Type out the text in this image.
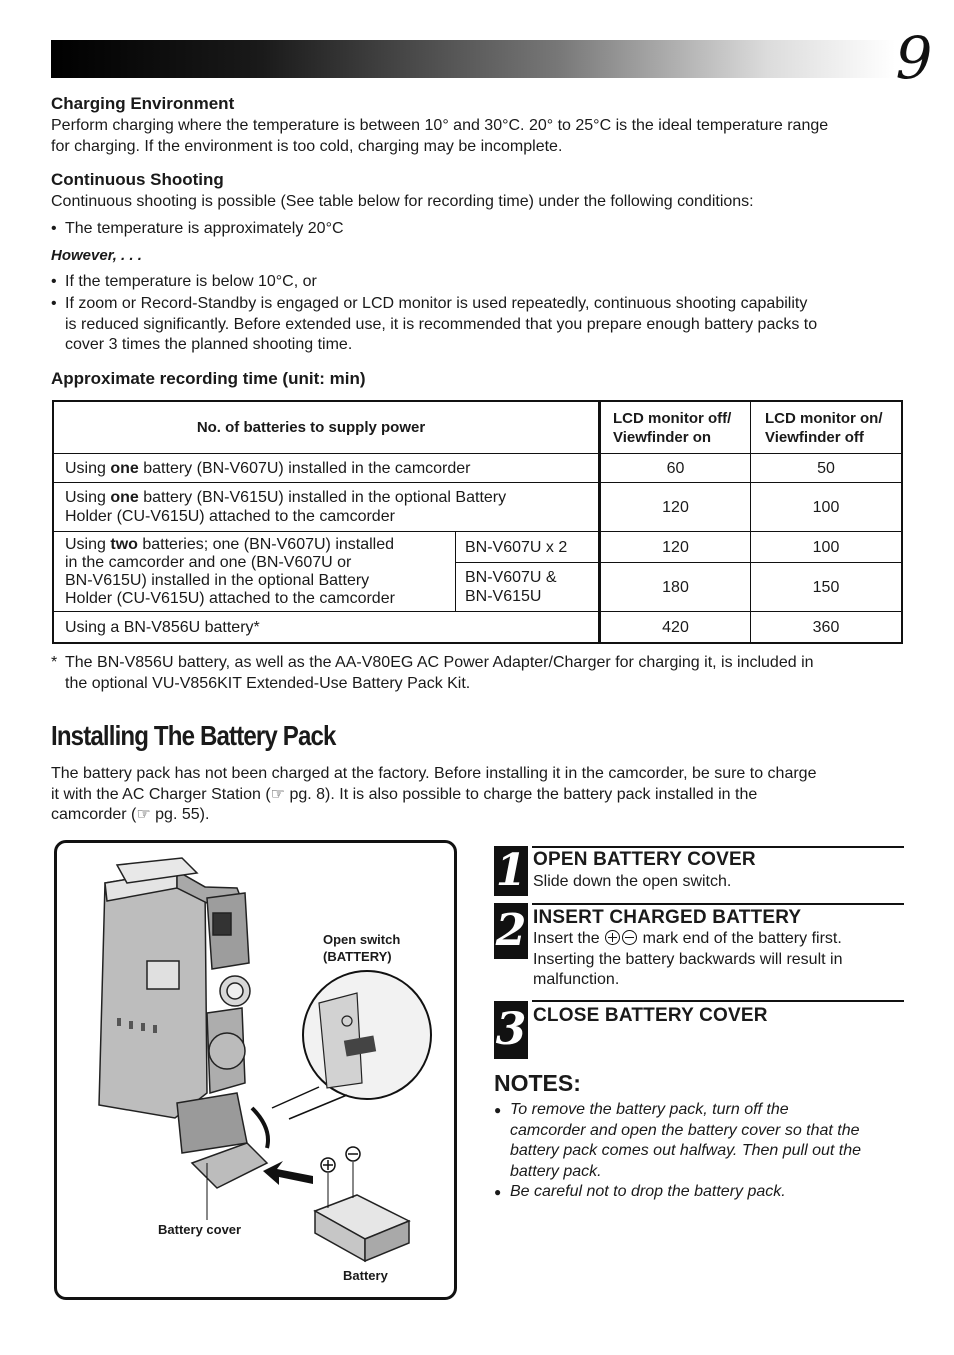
9
Charging Environment
Perform charging where the temperature is between 10° and 30°C. 20° to 25°C is the ideal temperature range
for charging. If the environment is too cold, charging may be incomplete.
Continuous Shooting
Continuous shooting is possible (See table below for recording time) under the following conditions:
• The temperature is approximately 20°C
However, . . .
• If the temperature is below 10°C, or
• If zoom or Record-Standby is engaged or LCD monitor is used repeatedly, continuous shooting capability
is reduced significantly. Before extended use, it is recommended that you prepare enough battery packs to
cover 3 times the planned shooting time.
Approximate recording time (unit: min)
No. of batteries to supply power
LCD monitor off/
Viewfinder on
LCD monitor on/
Viewfinder off
Using one battery (BN-V607U) installed in the camcorder	60	50
Using one battery (BN-V615U) installed in the optional Battery
Holder (CU-V615U) attached to the camcorder
120	100
Using two batteries; one (BN-V607U) installed
in the camcorder and one (BN-V607U or
BN-V615U) installed in the optional Battery
Holder (CU-V615U) attached to the camcorder
BN-V607U x 2	120	100
BN-V607U &
BN-V615U
180	150
Using a BN-V856U battery*	420	360
* The BN-V856U battery, as well as the AA-V80EG AC Power Adapter/Charger for charging it, is included in
the optional VU-V856KIT Extended-Use Battery Pack Kit.
Installing The Battery Pack
The battery pack has not been charged at the factory. Before installing it in the camcorder, be sure to charge
it with the AC Charger Station (☞ pg. 8). It is also possible to charge the battery pack installed in the
camcorder (☞ pg. 55).
Open switch
(BATTERY)
Battery cover
Battery
1 OPEN BATTERY COVER
Slide down the open switch.
2 INSERT CHARGED BATTERY
Insert the  mark end of the battery first.
Inserting the battery backwards will result in
malfunction.
3 CLOSE BATTERY COVER
NOTES:
● To remove the battery pack, turn off the
camcorder and open the battery cover so that the
battery pack comes out halfway. Then pull out the
battery pack.
● Be careful not to drop the battery pack.
